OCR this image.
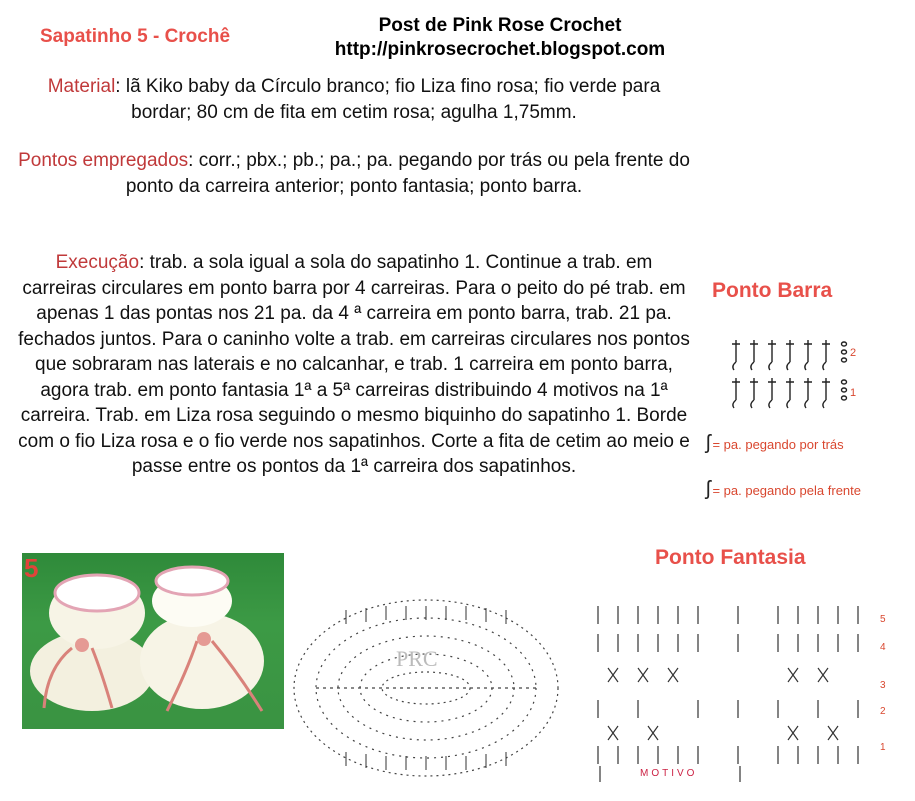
Sapatinho 5 - Crochê
Post de Pink Rose Crochet
http://pinkrosecrochet.blogspot.com
Material: lã Kiko baby da Círculo branco; fio Liza fino rosa; fio verde para bordar; 80 cm de fita em cetim rosa; agulha 1,75mm.
Pontos empregados: corr.; pbx.; pb.; pa.; pa. pegando por trás ou pela frente do ponto da carreira anterior; ponto fantasia; ponto barra.
Execução: trab. a sola igual a sola do sapatinho 1. Continue a trab. em carreiras circulares em ponto barra por 4 carreiras. Para o peito do pé trab. em apenas 1 das pontas nos 21 pa. da 4 ª carreira em ponto barra, trab. 21 pa. fechados juntos. Para o caninho volte a trab. em carreiras circulares nos pontos que sobraram nas laterais e no calcanhar, e trab. 1 carreira em ponto barra, agora trab. em ponto fantasia 1ª a 5ª carreiras distribuindo 4 motivos na 1ª carreira. Trab. em Liza rosa seguindo o mesmo biquinho do sapatinho 1. Borde com o fio Liza rosa e o fio verde nos sapatinhos. Corte a fita de cetim ao meio e passe entre os pontos da 1ª carreira dos sapatinhos.
Ponto Barra
2
1
ʃ = pa. pegando por trás
ʃ = pa. pegando pela frente
Ponto Fantasia
5
PRC
5
4
3
2
1
MOTIVO
